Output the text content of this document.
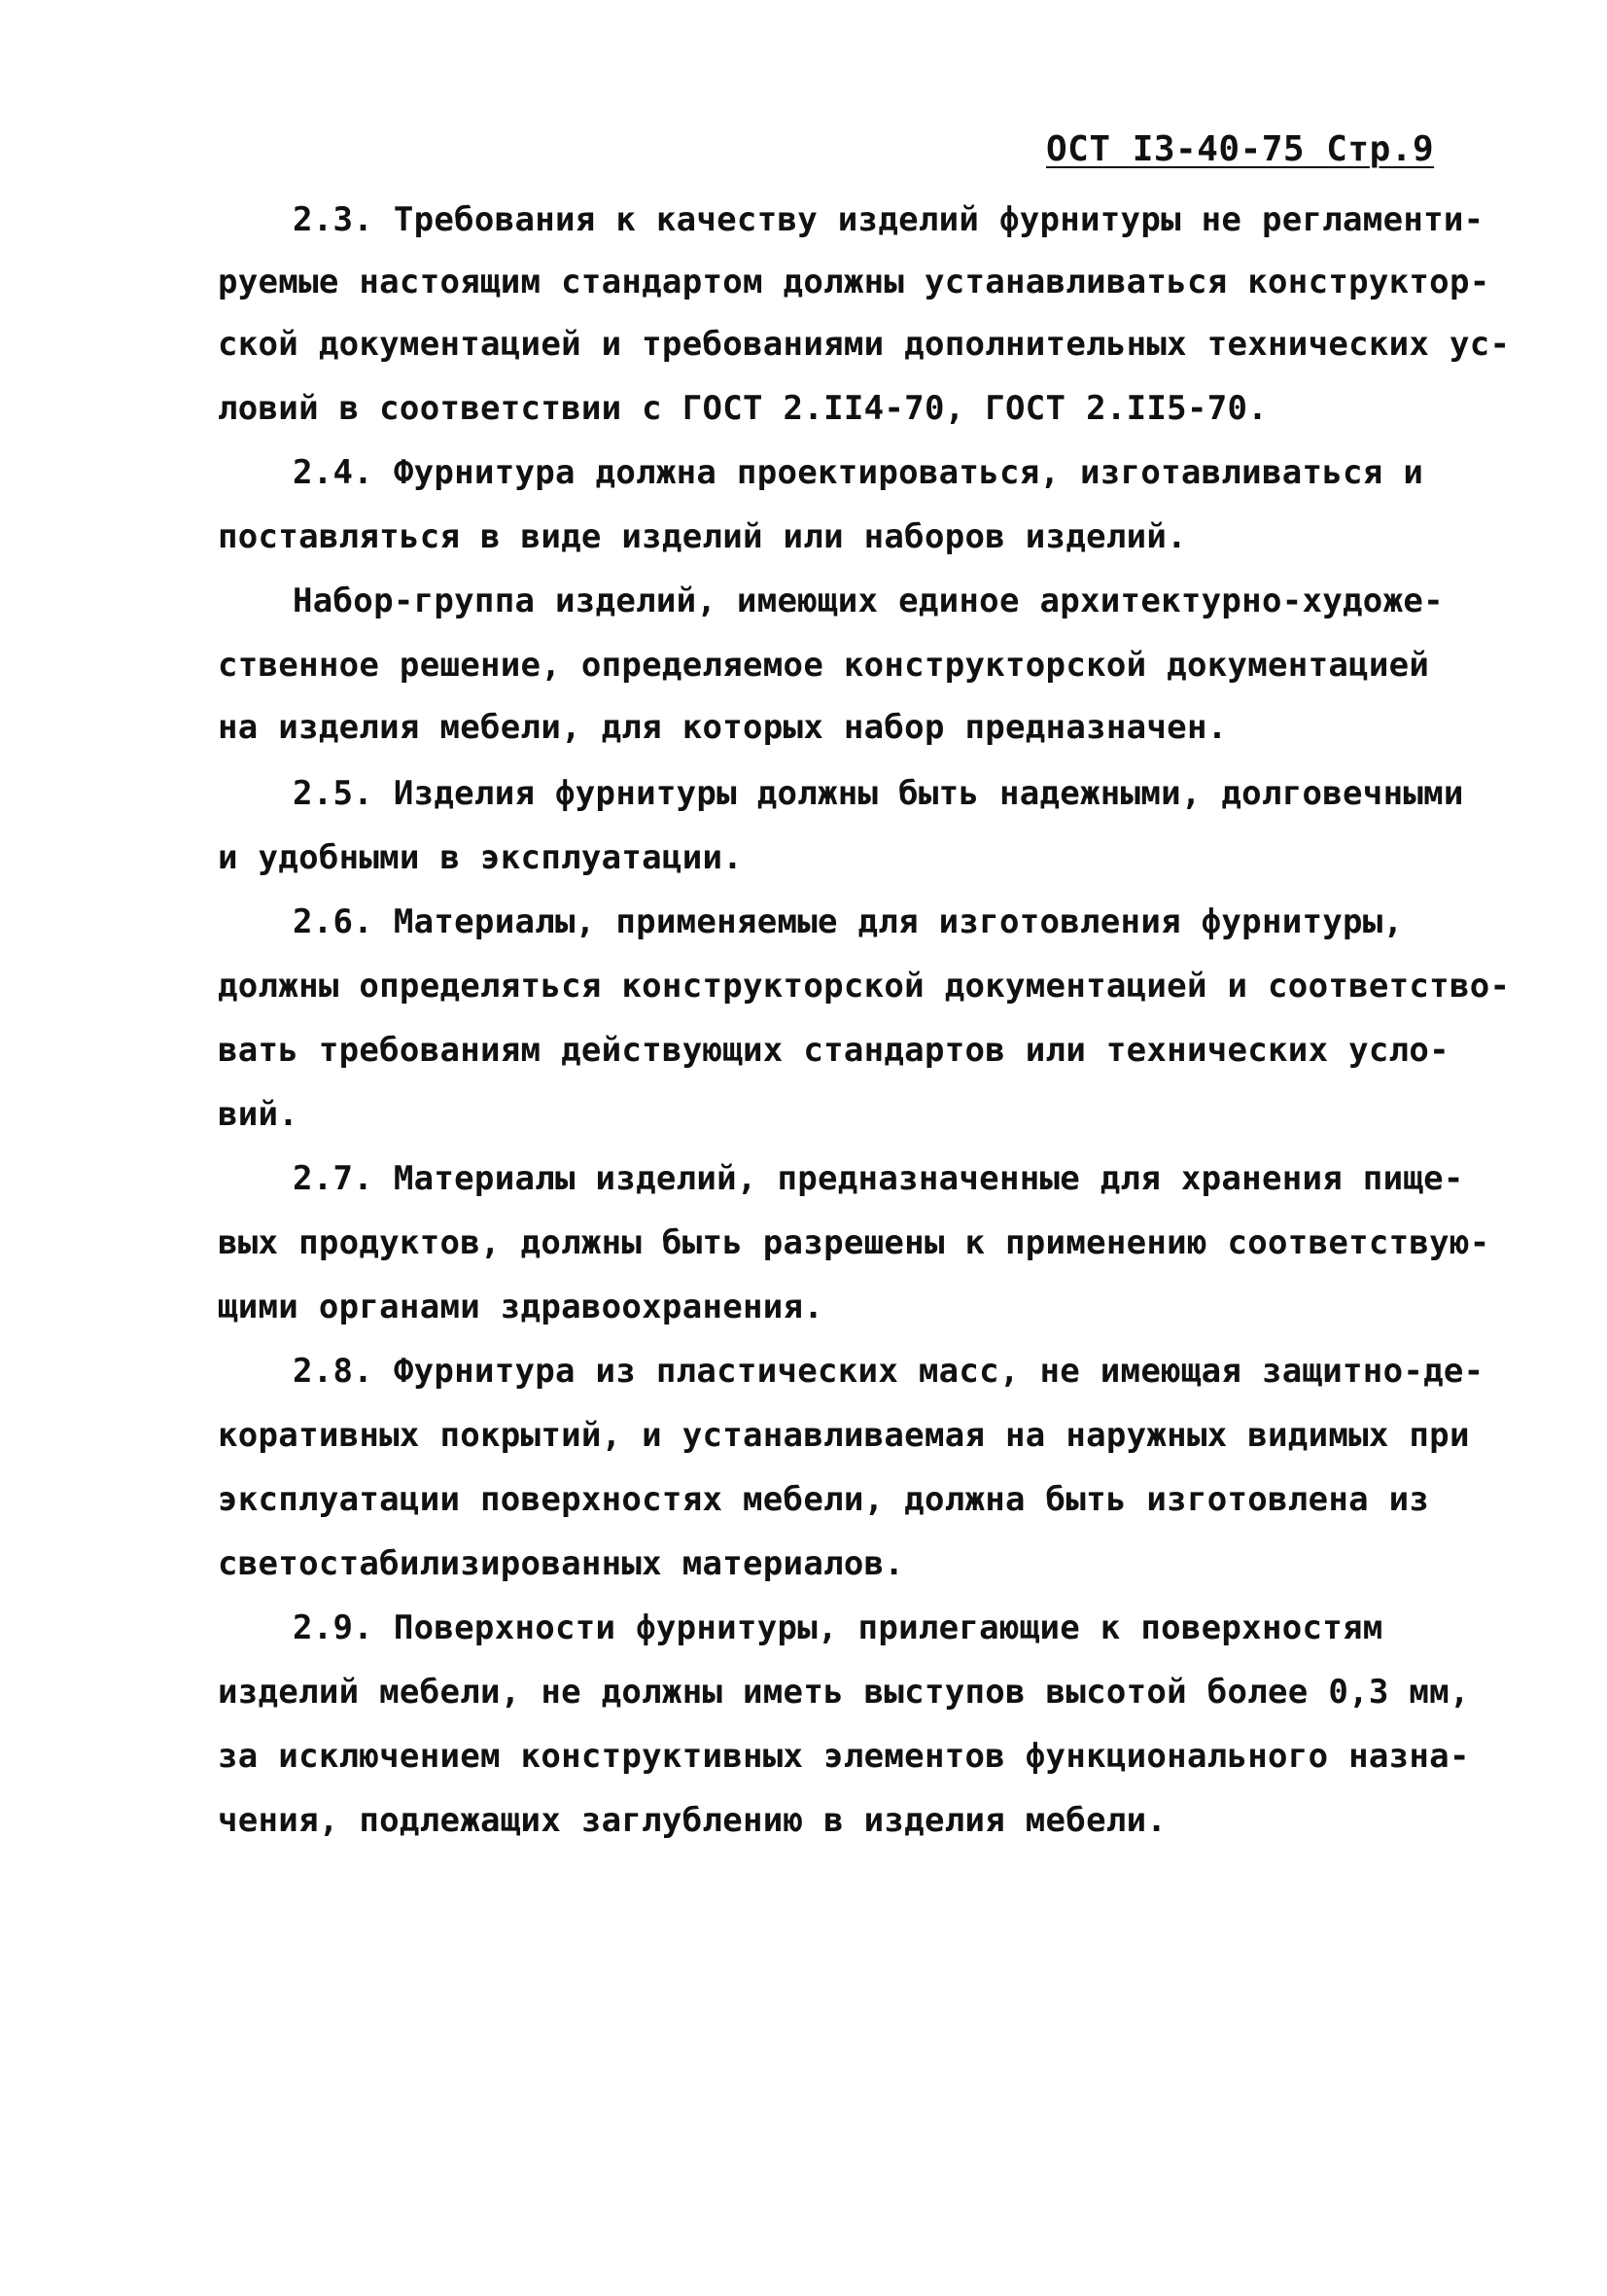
ОСТ I3-40-75 Стр.9
2.3. Требования к качеству изделий фурнитуры не регламенти-
руемые настоящим стандартом должны устанавливаться конструктор-
ской документацией и требованиями дополнительных технических ус-
ловий в соответствии с ГОСТ 2.II4-70, ГОСТ 2.II5-70.
2.4. Фурнитура должна проектироваться, изготавливаться и
поставляться в виде изделий или наборов изделий.
Набор-группа изделий, имеющих единое архитектурно-художе-
ственное решение, определяемое конструкторской документацией
на изделия мебели, для которых набор предназначен.
2.5. Изделия фурнитуры должны быть надежными, долговечными
и удобными в эксплуатации.
2.6. Материалы, применяемые для изготовления фурнитуры,
должны определяться конструкторской документацией и соответство-
вать требованиям действующих стандартов или технических усло-
вий.
2.7. Материалы изделий, предназначенные для хранения пище-
вых продуктов, должны быть разрешены к применению соответствую-
щими органами здравоохранения.
2.8. Фурнитура из пластических масс, не имеющая защитно-де-
коративных покрытий, и устанавливаемая на наружных видимых при
эксплуатации поверхностях мебели, должна быть изготовлена из
светостабилизированных материалов.
2.9. Поверхности фурнитуры, прилегающие к поверхностям
изделий мебели, не должны иметь выступов высотой более 0,3 мм,
за исключением конструктивных элементов функционального назна-
чения, подлежащих заглублению в изделия мебели.
